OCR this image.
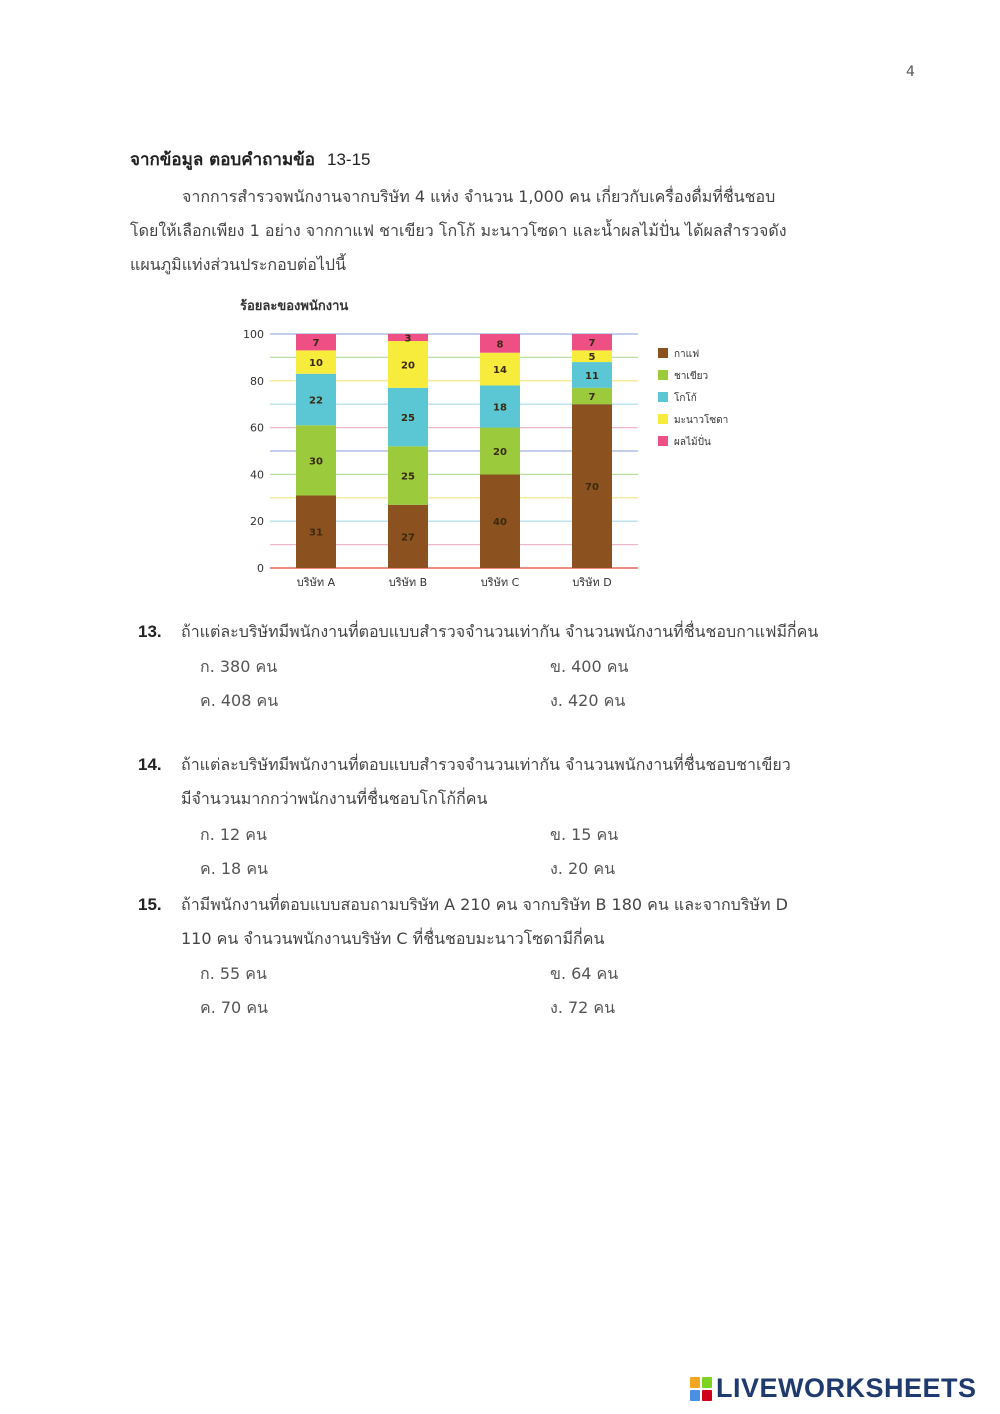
4
จากข้อมูล ตอบคำถามข้อ 13-15
จากการสำรวจพนักงานจากบริษัท 4 แห่ง จำนวน 1,000 คน เกี่ยวกับเครื่องดื่มที่ชื่นชอบ
โดยให้เลือกเพียง 1 อย่าง จากกาแฟ ชาเขียว โกโก้ มะนาวโซดา และน้ำผลไม้ปั่น ได้ผลสำรวจดัง
แผนภูมิแท่งส่วนประกอบต่อไปนี้
ร้อยละของพนักงาน
0
20
40
60
80
100
31
30
22
10
7
บริษัท A
27
25
25
20
3
บริษัท B
40
20
18
14
8
บริษัท C
70
7
11
5
7
บริษัท D
กาแฟ
ชาเขียว
โกโก้
มะนาวโซดา
ผลไม้ปั่น
13. ถ้าแต่ละบริษัทมีพนักงานที่ตอบแบบสำรวจจำนวนเท่ากัน จำนวนพนักงานที่ชื่นชอบกาแฟมีกี่คน
ก. 380 คน	ข. 400 คน
ค. 408 คน	ง. 420 คน
14. ถ้าแต่ละบริษัทมีพนักงานที่ตอบแบบสำรวจจำนวนเท่ากัน จำนวนพนักงานที่ชื่นชอบชาเขียว
มีจำนวนมากกว่าพนักงานที่ชื่นชอบโกโก้กี่คน
ก. 12 คน	ข. 15 คน
ค. 18 คน	ง. 20 คน
15. ถ้ามีพนักงานที่ตอบแบบสอบถามบริษัท A 210 คน จากบริษัท B 180 คน และจากบริษัท D
110 คน จำนวนพนักงานบริษัท C ที่ชื่นชอบมะนาวโซดามีกี่คน
ก. 55 คน	ข. 64 คน
ค. 70 คน	ง. 72 คน
LIVEWORKSHEETS
